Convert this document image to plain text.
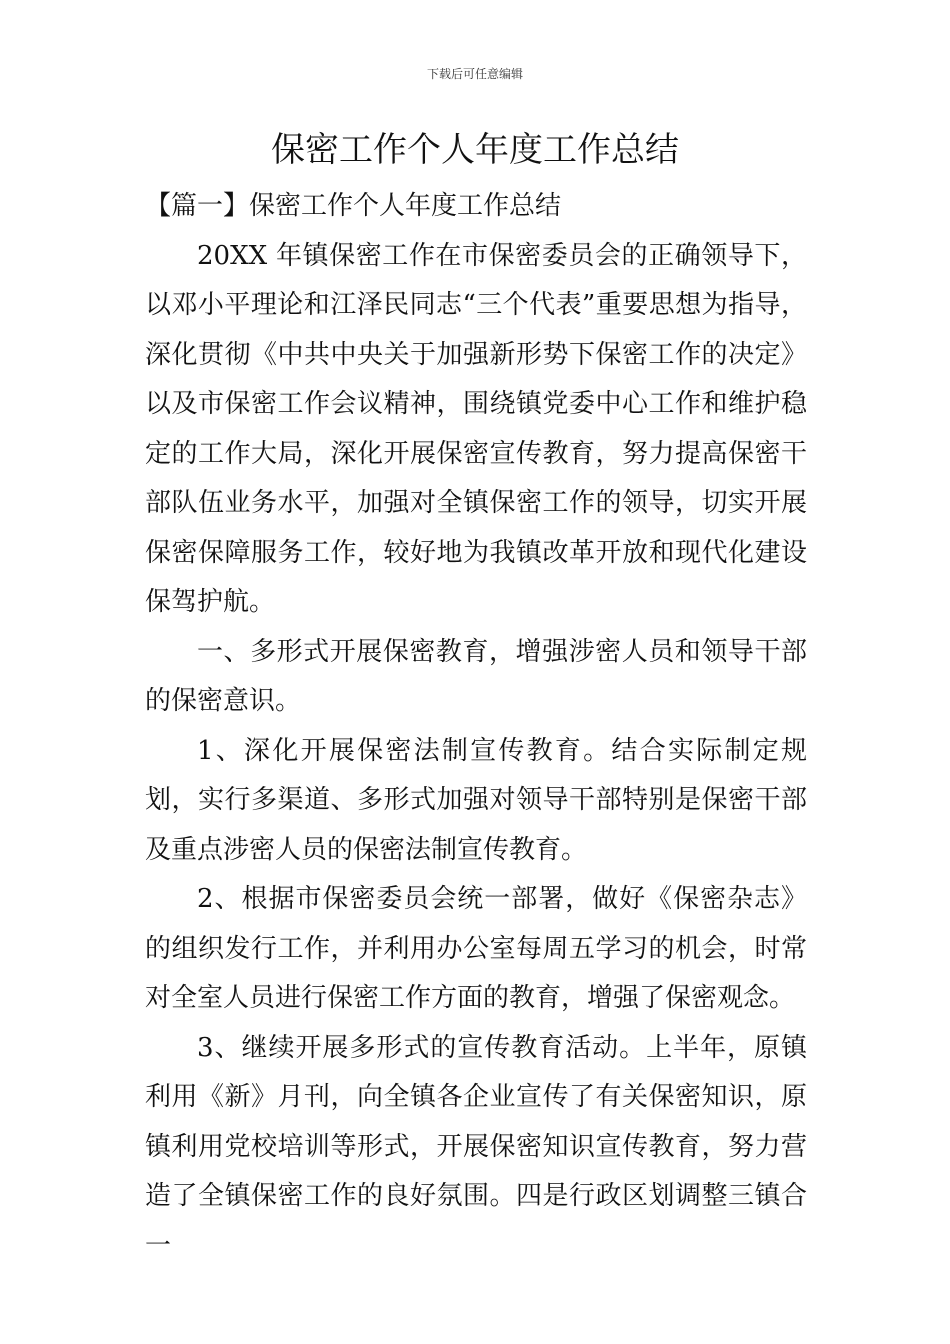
下载后可任意编辑
保密工作个人年度工作总结

【篇一】保密工作个人年度工作总结

20XX 年镇保密工作在市保密委员会的正确领导下，以邓小平理论和江泽民同志“三个代表”重要思想为指导，深化贯彻《中共中央关于加强新形势下保密工作的决定》以及市保密工作会议精神，围绕镇党委中心工作和维护稳定的工作大局，深化开展保密宣传教育，努力提高保密干部队伍业务水平，加强对全镇保密工作的领导，切实开展保密保障服务工作，较好地为我镇改革开放和现代化建设保驾护航。

一、多形式开展保密教育，增强涉密人员和领导干部的保密意识。

1、深化开展保密法制宣传教育。结合实际制定规划，实行多渠道、多形式加强对领导干部特别是保密干部及重点涉密人员的保密法制宣传教育。

2、根据市保密委员会统一部署，做好《保密杂志》的组织发行工作，并利用办公室每周五学习的机会，时常对全室人员进行保密工作方面的教育，增强了保密观念。

3、继续开展多形式的宣传教育活动。上半年，原镇利用《新》月刊，向全镇各企业宣传了有关保密知识，原镇利用党校培训等形式，开展保密知识宣传教育，努力营造了全镇保密工作的良好氛围。四是行政区划调整三镇合一
